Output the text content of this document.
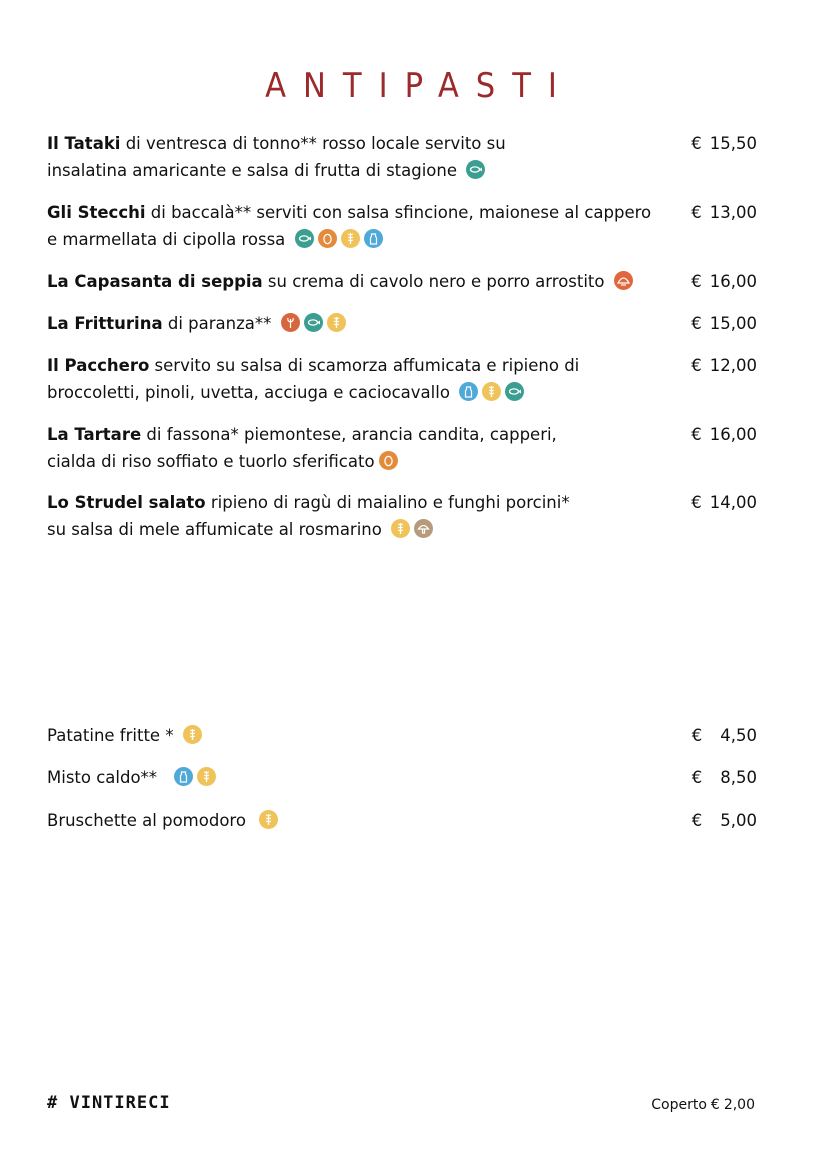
ANTIPASTI
Il Tataki di ventresca di tonno** rosso locale servito su
insalatina amaricante e salsa di frutta di stagione
€ 15,50
Gli Stecchi di baccalà** serviti con salsa sfincione, maionese al cappero
e marmellata di cipolla rossa
€ 13,00
La Capasanta di seppia su crema di cavolo nero e porro arrostito	€ 16,00
La Fritturina di paranza**	€ 15,00
Il Pacchero servito su salsa di scamorza affumicata e ripieno di
broccoletti, pinoli, uvetta, acciuga e caciocavallo
€ 12,00
La Tartare di fassona* piemontese, arancia candita, capperi,
cialda di riso soffiato e tuorlo sferificato
€ 16,00
Lo Strudel salato ripieno di ragù di maialino e funghi porcini*
su salsa di mele affumicate al rosmarino
€ 14,00
Patatine fritte *	€ 4,50
Misto caldo**	€ 8,50
Bruschette al pomodoro	€ 5,00
# VINTIRECI	Coperto € 2,00
